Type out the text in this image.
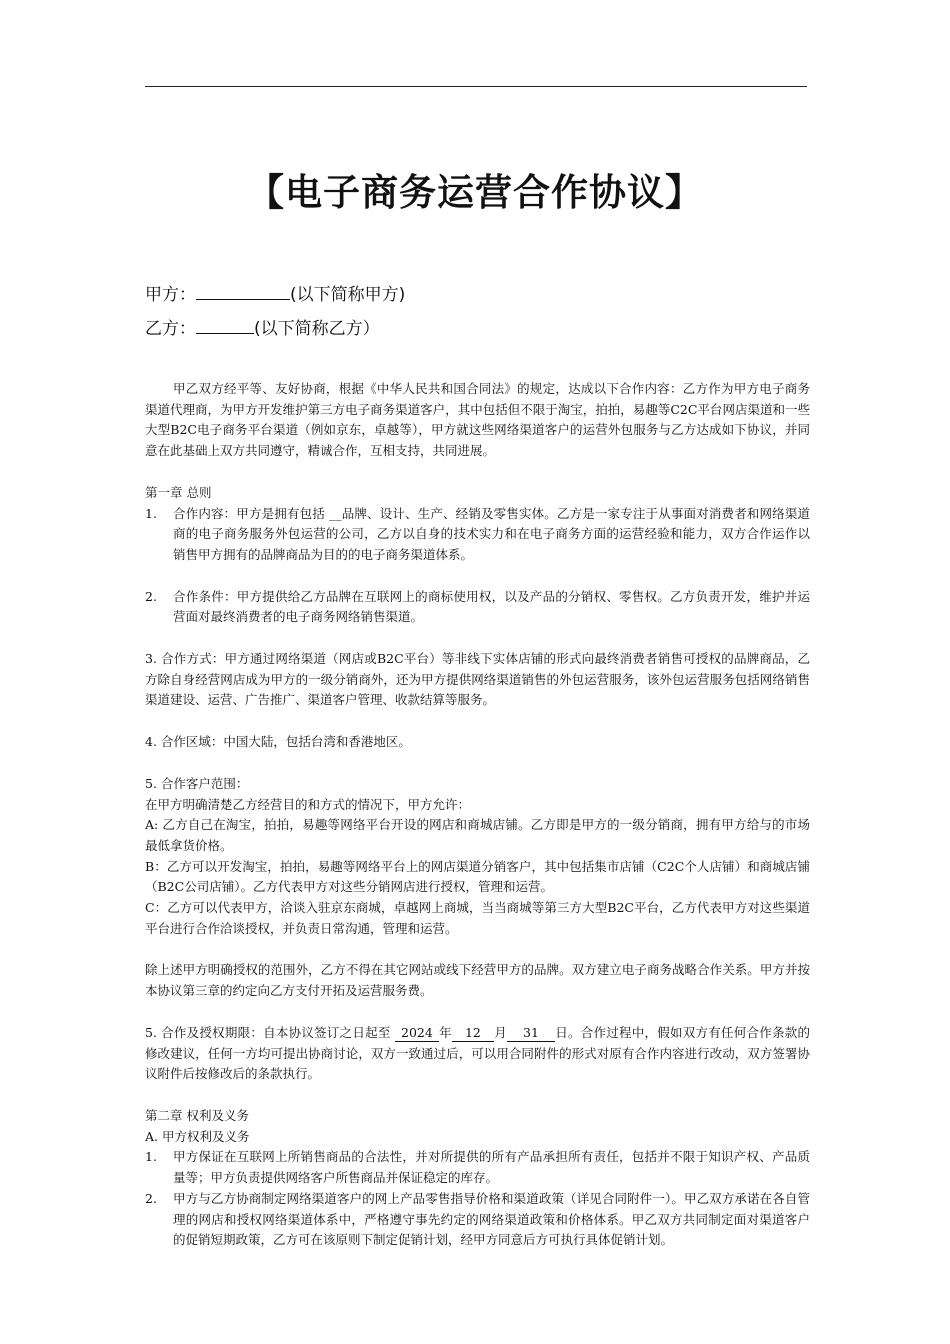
【电子商务运营合作协议】
甲方：	(以下简称甲方)
乙方：	(以下简称乙方）

甲乙双方经平等、友好协商，根据《中华人民共和国合同法》的规定，达成以下合作内容：乙方作为甲方电子商务渠道代理商，为甲方开发维护第三方电子商务渠道客户，其中包括但不限于淘宝，拍拍，易趣等C2C平台网店渠道和一些大型B2C电子商务平台渠道（例如京东，卓越等），甲方就这些网络渠道客户的运营外包服务与乙方达成如下协议，并同意在此基础上双方共同遵守，精诚合作，互相支持，共同进展。

第一章 总则

1.	合作内容：甲方是拥有包括 __品牌、设计、生产、经销及零售实体。乙方是一家专注于从事面对消费者和网络渠道商的电子商务服务外包运营的公司，乙方以自身的技术实力和在电子商务方面的运营经验和能力，双方合作运作以销售甲方拥有的品牌商品为目的的电子商务渠道体系。
2.	合作条件：甲方提供给乙方品牌在互联网上的商标使用权，以及产品的分销权、零售权。乙方负责开发，维护并运营面对最终消费者的电子商务网络销售渠道。

3. 合作方式：甲方通过网络渠道（网店或B2C平台）等非线下实体店铺的形式向最终消费者销售可授权的品牌商品，乙方除自身经营网店成为甲方的一级分销商外，还为甲方提供网络渠道销售的外包运营服务，该外包运营服务包括网络销售渠道建设、运营、广告推广、渠道客户管理、收款结算等服务。

4. 合作区域：中国大陆，包括台湾和香港地区。

5. 合作客户范围：

在甲方明确清楚乙方经营目的和方式的情况下，甲方允许：

A: 乙方自己在淘宝，拍拍，易趣等网络平台开设的网店和商城店铺。乙方即是甲方的一级分销商，拥有甲方给与的市场最低拿货价格。

B：乙方可以开发淘宝，拍拍，易趣等网络平台上的网店渠道分销客户，其中包括集市店铺（C2C个人店铺）和商城店铺（B2C公司店铺）。乙方代表甲方对这些分销网店进行授权，管理和运营。

C：乙方可以代表甲方，洽谈入驻京东商城，卓越网上商城，当当商城等第三方大型B2C平台，乙方代表甲方对这些渠道平台进行合作洽谈授权，并负责日常沟通，管理和运营。

除上述甲方明确授权的范围外，乙方不得在其它网站或线下经营甲方的品牌。双方建立电子商务战略合作关系。甲方并按本协议第三章的约定向乙方支付开拓及运营服务费。

5. 合作及授权期限：自本协议签订之日起至 2024 年 12 月 31 日。合作过程中，假如双方有任何合作条款的修改建议，任何一方均可提出协商讨论，双方一致通过后，可以用合同附件的形式对原有合作内容进行改动，双方签署协议附件后按修改后的条款执行。

第二章 权利及义务

A. 甲方权利及义务

1.	甲方保证在互联网上所销售商品的合法性，并对所提供的所有产品承担所有责任，包括并不限于知识产权、产品质量等；甲方负责提供网络客户所售商品并保证稳定的库存。
2.	甲方与乙方协商制定网络渠道客户的网上产品零售指导价格和渠道政策（详见合同附件一）。甲乙双方承诺在各自管理的网店和授权网络渠道体系中，严格遵守事先约定的网络渠道政策和价格体系。甲乙双方共同制定面对渠道客户的促销短期政策，乙方可在该原则下制定促销计划，经甲方同意后方可执行具体促销计划。
